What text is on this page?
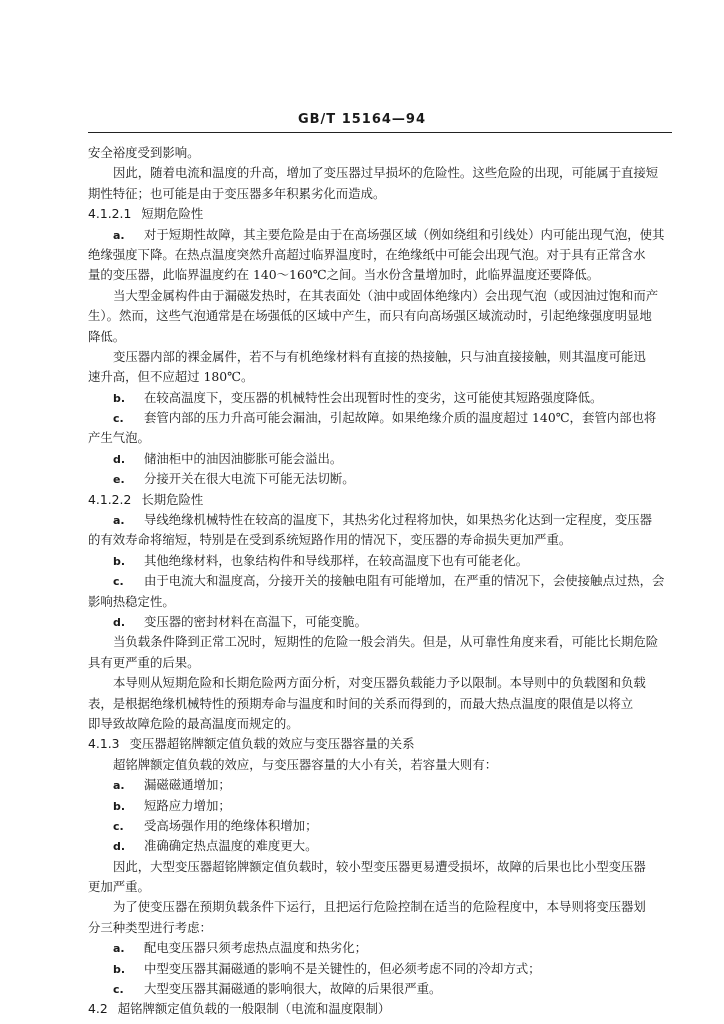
GB/T 15164—94
安全裕度受到影响。
因此，随着电流和温度的升高，增加了变压器过早损坏的危险性。这些危险的出现，可能属于直接短
期性特征；也可能是由于变压器多年积累劣化而造成。
4.1.2.1 短期危险性
a. 对于短期性故障，其主要危险是由于在高场强区域（例如绕组和引线处）内可能出现气泡，使其
绝缘强度下降。在热点温度突然升高超过临界温度时，在绝缘纸中可能会出现气泡。对于具有正常含水
量的变压器，此临界温度约在 140～160℃之间。当水份含量增加时，此临界温度还要降低。
当大型金属构件由于漏磁发热时，在其表面处（油中或固体绝缘内）会出现气泡（或因油过饱和而产
生）。然而，这些气泡通常是在场强低的区域中产生，而只有向高场强区域流动时，引起绝缘强度明显地
降低。
变压器内部的裸金属件，若不与有机绝缘材料有直接的热接触，只与油直接接触，则其温度可能迅
速升高，但不应超过 180℃。
b. 在较高温度下，变压器的机械特性会出现暂时性的变劣，这可能使其短路强度降低。
c. 套管内部的压力升高可能会漏油，引起故障。如果绝缘介质的温度超过 140℃，套管内部也将
产生气泡。
d. 储油柜中的油因油膨胀可能会溢出。
e. 分接开关在很大电流下可能无法切断。
4.1.2.2 长期危险性
a. 导线绝缘机械特性在较高的温度下，其热劣化过程将加快，如果热劣化达到一定程度，变压器
的有效寿命将缩短，特别是在受到系统短路作用的情况下，变压器的寿命损失更加严重。
b. 其他绝缘材料，也象结构件和导线那样，在较高温度下也有可能老化。
c. 由于电流大和温度高，分接开关的接触电阻有可能增加，在严重的情况下，会使接触点过热，会
影响热稳定性。
d. 变压器的密封材料在高温下，可能变脆。
当负载条件降到正常工况时，短期性的危险一般会消失。但是，从可靠性角度来看，可能比长期危险
具有更严重的后果。
本导则从短期危险和长期危险两方面分析，对变压器负载能力予以限制。本导则中的负载图和负载
表，是根据绝缘机械特性的预期寿命与温度和时间的关系而得到的，而最大热点温度的限值是以将立
即导致故障危险的最高温度而规定的。
4.1.3 变压器超铭牌额定值负载的效应与变压器容量的关系
超铭牌额定值负载的效应，与变压器容量的大小有关，若容量大则有：
a. 漏磁磁通增加；
b. 短路应力增加；
c. 受高场强作用的绝缘体积增加；
d. 准确确定热点温度的难度更大。
因此，大型变压器超铭牌额定值负载时，较小型变压器更易遭受损坏，故障的后果也比小型变压器
更加严重。
为了使变压器在预期负载条件下运行，且把运行危险控制在适当的危险程度中，本导则将变压器划
分三种类型进行考虑：
a. 配电变压器只须考虑热点温度和热劣化；
b. 中型变压器其漏磁通的影响不是关键性的，但必须考虑不同的冷却方式；
c. 大型变压器其漏磁通的影响很大，故障的后果很严重。
4.2 超铭牌额定值负载的一般限制（电流和温度限制）
